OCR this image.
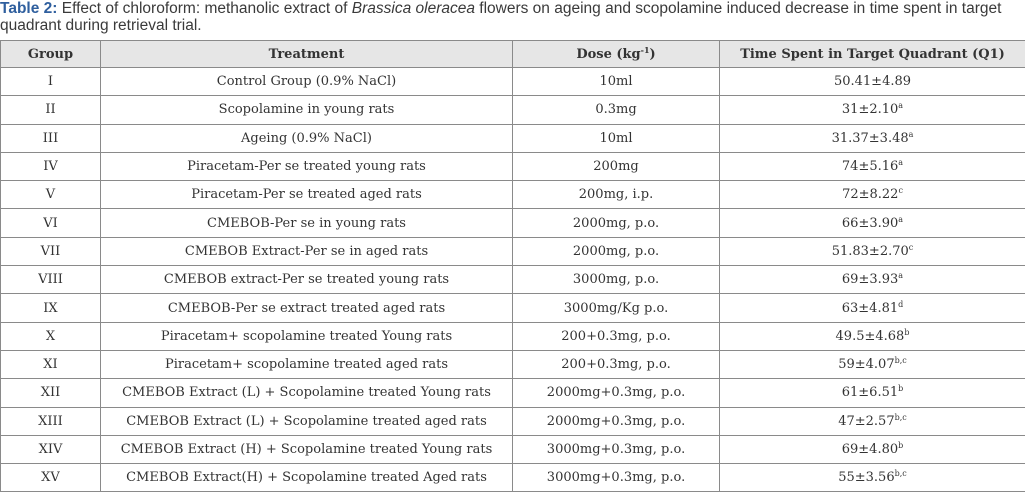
Table 2: Effect of chloroform: methanolic extract of Brassica oleracea flowers on ageing and scopolamine induced decrease in time spent in target quadrant during retrieval trial.
Group	Treatment	Dose $(kg^{-1})$	Time Spent in Target Quadrant (Q1)
I	Control Group (0.9% NaCl)	10ml	50.41±4.89
II	Scopolamine in young rats	0.3mg	31±2.10$^a$
III	Ageing (0.9% NaCl)	10ml	31.37±3.48$^a$
IV	Piracetam-Per se treated young rats	200mg	74±5.16$^a$
V	Piracetam-Per se treated aged rats	200mg, i.p.	72±8.22$^c$
VI	CMEBOB-Per se in young rats	2000mg, p.o.	66±3.90$^a$
VII	CMEBOB Extract-Per se in aged rats	2000mg, p.o.	51.83±2.70$^c$
VIII	CMEBOB extract-Per se treated young rats	3000mg, p.o.	69±3.93$^a$
IX	CMEBOB-Per se extract treated aged rats	3000mg/Kg p.o.	63±4.81$^d$
X	Piracetam+ scopolamine treated Young rats	200+0.3mg, p.o.	49.5±4.68$^b$
XI	Piracetam+ scopolamine treated aged rats	200+0.3mg, p.o.	$59\pm 4.07^{b,c}$
XII	CMEBOB Extract (L) + Scopolamine treated Young rats	2000mg+0.3mg, p.o.	61±6.51$^b$
XIII	CMEBOB Extract (L) + Scopolamine treated aged rats	2000mg+0.3mg, p.o.	$47\pm 2.57^{b,c}$
XIV	CMEBOB Extract (H) + Scopolamine treated Young rats	3000mg+0.3mg, p.o.	69±4.80$^b$
XV	CMEBOB Extract(H) + Scopolamine treated Aged rats	3000mg+0.3mg, p.o.	$55\pm 3.56^{b,c}$
